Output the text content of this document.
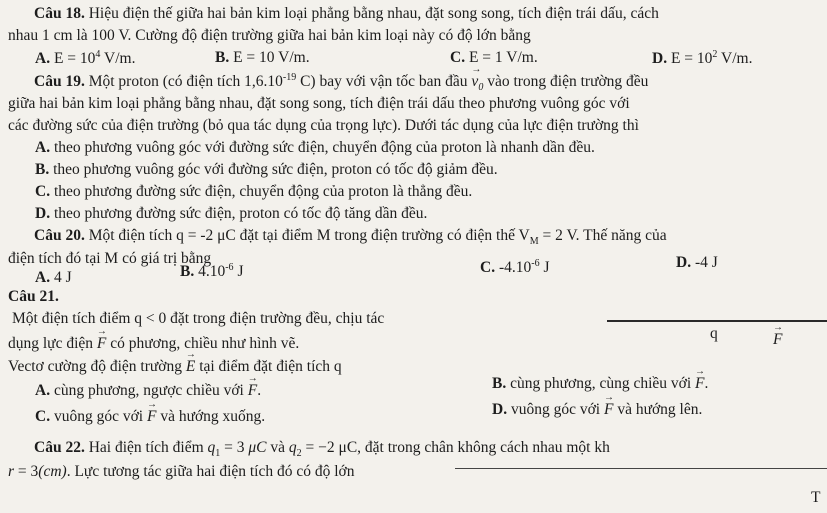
Câu 18. Hiệu điện thế giữa hai bản kim loại phẳng bằng nhau, đặt song song, tích điện trái dấu, cách
nhau 1 cm là 100 V. Cường độ điện trường giữa hai bản kim loại này có độ lớn bằng
A. $E = 10^4$ V/m.	B. E = 10 V/m.	C. E = 1 V/m.	D. $E = 10^2$ V/m.
Câu 19. Một proton (có điện tích $1,6.10^{-19}$ C) bay với vận tốc ban đầu → $v_0$ vào trong điện trường đều
giữa hai bản kim loại phẳng bằng nhau, đặt song song, tích điện trái dấu theo phương vuông góc với
các đường sức của điện trường (bỏ qua tác dụng của trọng lực). Dưới tác dụng của lực điện trường thì
A. theo phương vuông góc với đường sức điện, chuyển động của proton là nhanh dần đều.
B. theo phương vuông góc với đường sức điện, proton có tốc độ giảm đều.
C. theo phương đường sức điện, chuyển động của proton là thẳng đều.
D. theo phương đường sức điện, proton có tốc độ tăng dần đều.
Câu 20. Một điện tích q = -2 μC đặt tại điểm M trong điện trường có điện thế $V_M = 2$ V. Thế năng của
điện tích đó tại M có giá trị bằng
A. 4 J	B. $4.10^{-6}$ J	C. $-4.10^{-6}$ J	D. -4 J
Câu 21.
Một điện tích điểm q < 0 đặt trong điện trường đều, chịu tác
dụng lực điện → F có phương, chiều như hình vẽ.
Vectơ cường độ điện trường → E tại điểm đặt điện tích q
q
→	F
A. cùng phương, ngược chiều với → F.	B. cùng phương, cùng chiều với → F.
C. vuông góc với → F và hướng xuống.	D. vuông góc với → F và hướng lên.
Câu 22. Hai điện tích điểm $q_1 = 3$ μC và $q_2 = -2$ μC, đặt trong chân không cách nhau một kh
r = 3(cm). Lực tương tác giữa hai điện tích đó có độ lớn
T
